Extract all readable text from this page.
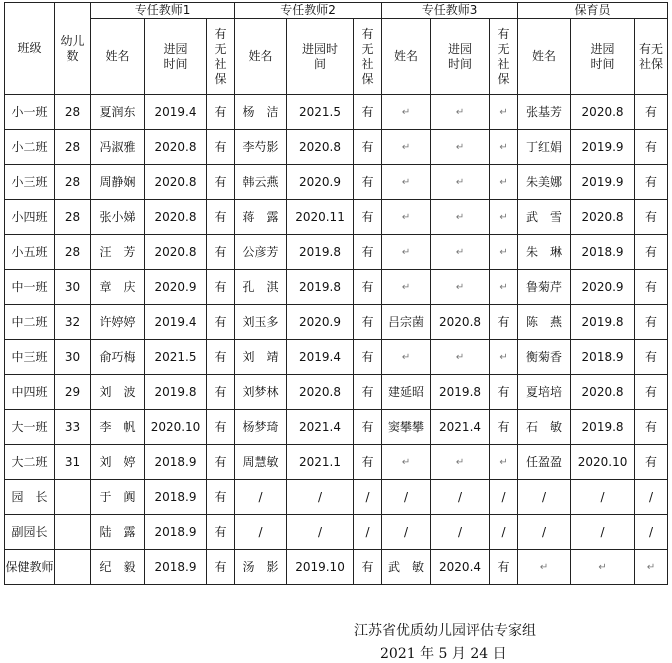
班级	幼儿数	专任教师1			专任教师2			专任教师3			保育员		
		姓名	进园时间	有无社保	姓名	进园时间	有无社保	姓名	进园时间	有无社保	姓名	进园时间	有无社保
小一班	28	夏润东	2019.4	有	杨　洁	2021.5	有	↵	↵	↵	张基芳	2020.8	有
小二班	28	冯淑雅	2020.8	有	李芍影	2020.8	有	↵	↵	↵	丁红娟	2019.9	有
小三班	28	周静娴	2020.8	有	韩云燕	2020.9	有	↵	↵	↵	朱美娜	2019.9	有
小四班	28	张小娣	2020.8	有	蒋　露	2020.11	有	↵	↵	↵	武　雪	2020.8	有
小五班	28	汪　芳	2020.8	有	公彦芳	2019.8	有	↵	↵	↵	朱　琳	2018.9	有
中一班	30	章　庆	2020.9	有	孔　淇	2019.8	有	↵	↵	↵	鲁菊芹	2020.9	有
中二班	32	许婷婷	2019.4	有	刘玉多	2020.9	有	吕宗菌	2020.8	有	陈　燕	2019.8	有
中三班	30	俞巧梅	2021.5	有	刘　靖	2019.4	有	↵	↵	↵	衡菊香	2018.9	有
中四班	29	刘　波	2019.8	有	刘梦林	2020.8	有	建延昭	2019.8	有	夏培培	2020.8	有
大一班	33	李　帆	2020.10	有	杨梦琦	2021.4	有	窦攀攀	2021.4	有	石　敏	2019.8	有
大二班	31	刘　婷	2018.9	有	周慧敏	2021.1	有	↵	↵	↵	任盈盈	2020.10	有
园　长		于　阗	2018.9	有	/	/	/	/	/	/	/	/	/
副园长		陆　露	2018.9	有	/	/	/	/	/	/	/	/	/
保健教师		纪　毅	2018.9	有	汤　影	2019.10	有	武　敏	2020.4	有	↵	↵	↵
江苏省优质幼儿园评估专家组
2021 年 5 月 24 日
